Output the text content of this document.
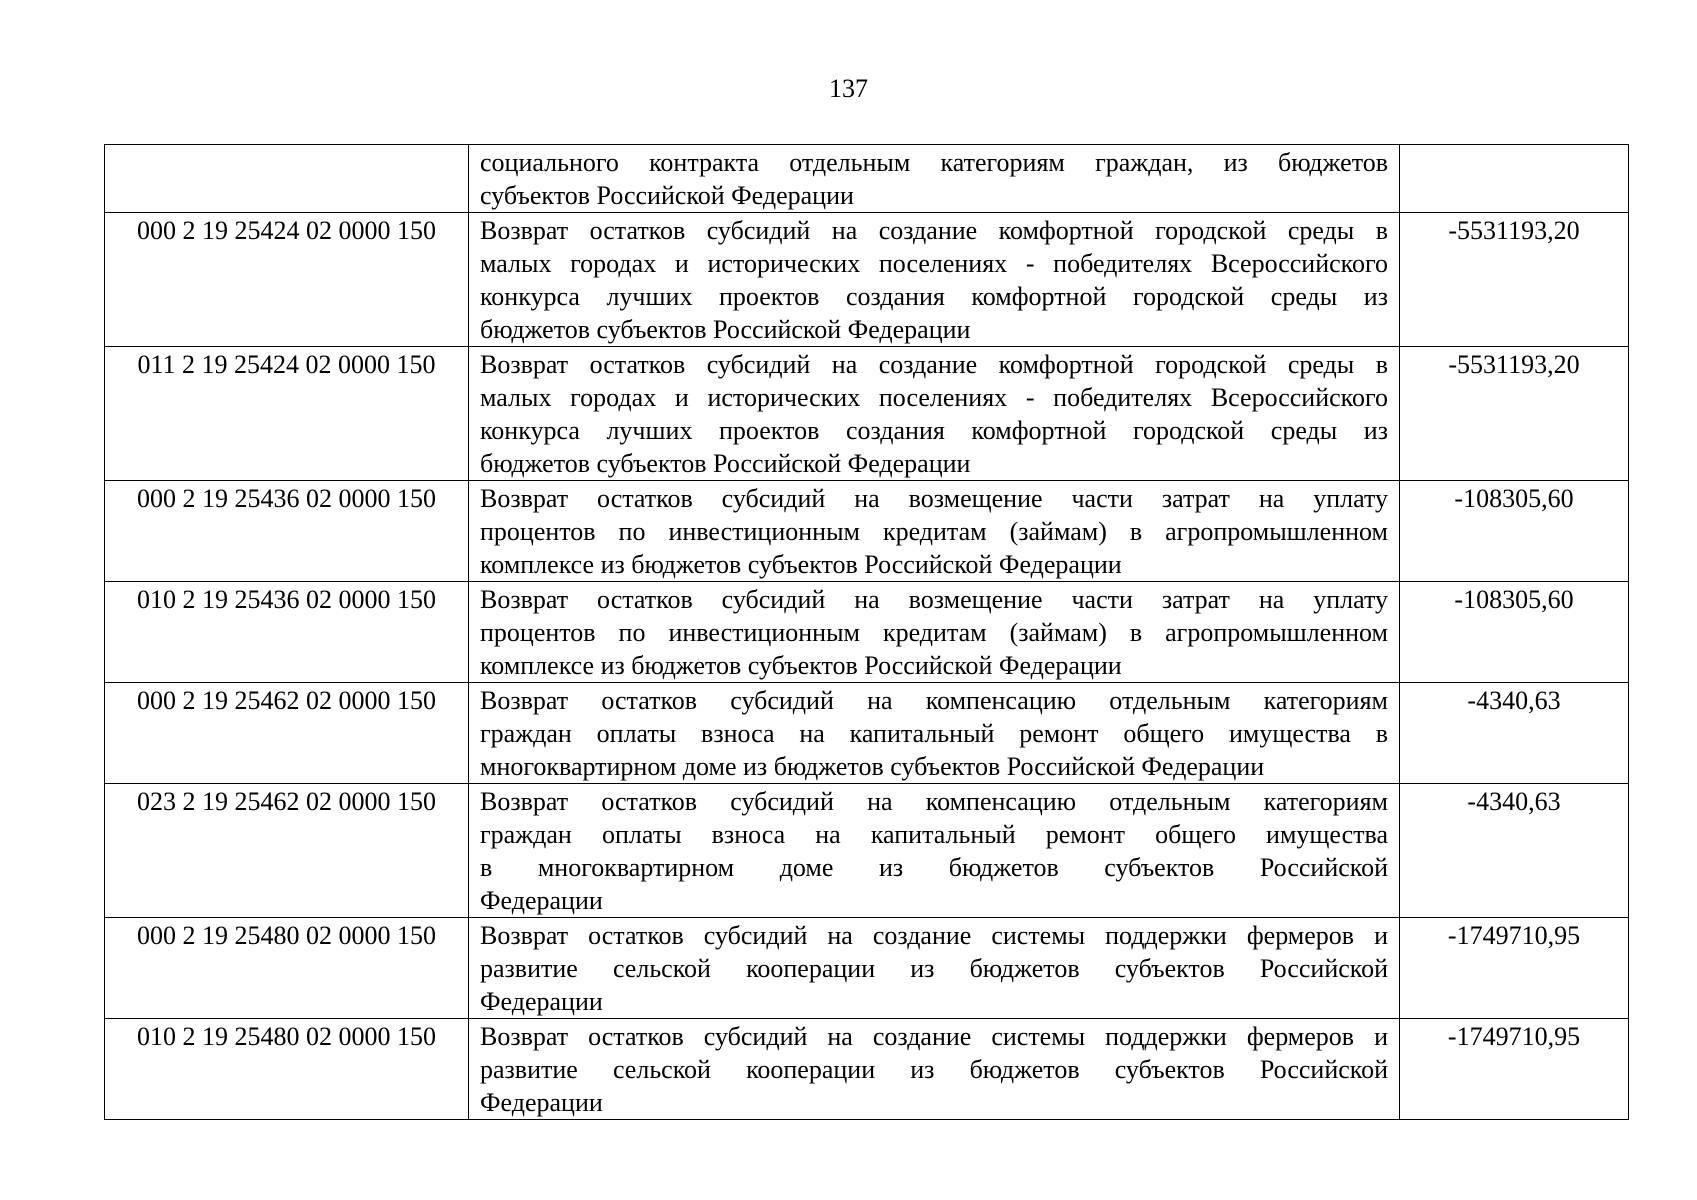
137

	социального контракта отдельным категориям граждан, из бюджетов
субъектов Российской Федерации	

000 2 19 25424 02 0000 150	Возврат остатков субсидий на создание комфортной городской среды в
малых городах и исторических поселениях - победителях Всероссийского
конкурса лучших проектов создания комфортной городской среды из
бюджетов субъектов Российской Федерации	-5531193,20
011 2 19 25424 02 0000 150	Возврат остатков субсидий на создание комфортной городской среды в
малых городах и исторических поселениях - победителях Всероссийского
конкурса лучших проектов создания комфортной городской среды из
бюджетов субъектов Российской Федерации	-5531193,20
000 2 19 25436 02 0000 150	Возврат остатков субсидий на возмещение части затрат на уплату
процентов по инвестиционным кредитам (займам) в агропромышленном
комплексе из бюджетов субъектов Российской Федерации	-108305,60
010 2 19 25436 02 0000 150	Возврат остатков субсидий на возмещение части затрат на уплату
процентов по инвестиционным кредитам (займам) в агропромышленном
комплексе из бюджетов субъектов Российской Федерации	-108305,60
000 2 19 25462 02 0000 150	Возврат остатков субсидий на компенсацию отдельным категориям
граждан оплаты взноса на капитальный ремонт общего имущества в
многоквартирном доме из бюджетов субъектов Российской Федерации	-4340,63
023 2 19 25462 02 0000 150	Возврат остатков субсидий на компенсацию отдельным категориям
граждан оплаты взноса на капитальный ремонт общего имущества
в многоквартирном доме из бюджетов субъектов Российской
Федерации	-4340,63
000 2 19 25480 02 0000 150	Возврат остатков субсидий на создание системы поддержки фермеров и
развитие сельской кооперации из бюджетов субъектов Российской
Федерации	-1749710,95
010 2 19 25480 02 0000 150	Возврат остатков субсидий на создание системы поддержки фермеров и
развитие сельской кооперации из бюджетов субъектов Российской
Федерации	-1749710,95
